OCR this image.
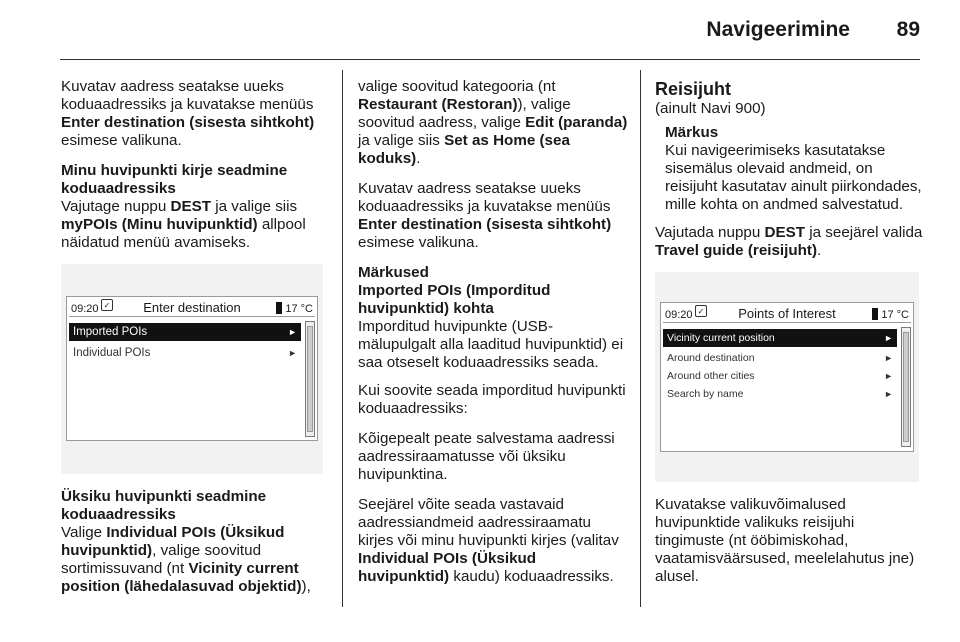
Navigeerimine 89

Kuvatav aadress seatakse uueks koduaadressiks ja kuvatakse menüüs Enter destination (sisesta sihtkoht) esimese valikuna.

Minu huvipunkti kirje seadmine koduaadressiks

Vajutage nuppu DEST ja valige siis myPOIs (Minu huvipunktid) allpool näidatud menüü avamiseks.

09:20 ✓	Enter destination	17 °C
Imported POIs	►
Individual POIs	►

Üksiku huvipunkti seadmine koduaadressiks

Valige Individual POIs (Üksikud huvipunktid), valige soovitud sortimissuvand (nt Vicinity current position (lähedalasuvad objektid)),

valige soovitud kategooria (nt Restaurant (Restoran)), valige soovitud aadress, valige Edit (paranda) ja valige siis Set as Home (sea koduks).

Kuvatav aadress seatakse uueks koduaadressiks ja kuvatakse menüüs Enter destination (sisesta sihtkoht) esimese valikuna.

Märkused
Imported POIs (Imporditud huvipunktid) kohta
Imporditud huvipunkte (USB-mälupulgalt alla laaditud huvipunktid) ei saa otseselt koduaadressiks seada.

Kui soovite seada imporditud huvipunkti koduaadressiks:

Kõigepealt peate salvestama aadressi aadressiraamatusse või üksiku huvipunktina.

Seejärel võite seada vastavaid aadressiandmeid aadressiraamatu kirjes või minu huvipunkti kirjes (valitav Individual POIs (Üksikud huvipunktid) kaudu) koduaadressiks.

Reisijuht

(ainult Navi 900)

Märkus
Kui navigeerimiseks kasutatakse sisemälus olevaid andmeid, on reisijuht kasutatav ainult piirkondades, mille kohta on andmed salvestatud.

Vajutada nuppu DEST ja seejärel valida Travel guide (reisijuht).

09:20 ✓	Points of Interest	17 °C
Vicinity current position	►
Around destination	►
Around other cities	►
Search by name	►

Kuvatakse valikuvõimalused huvipunktide valikuks reisijuhi tingimuste (nt ööbimiskohad, vaatamisväärsused, meelelahutus jne) alusel.
